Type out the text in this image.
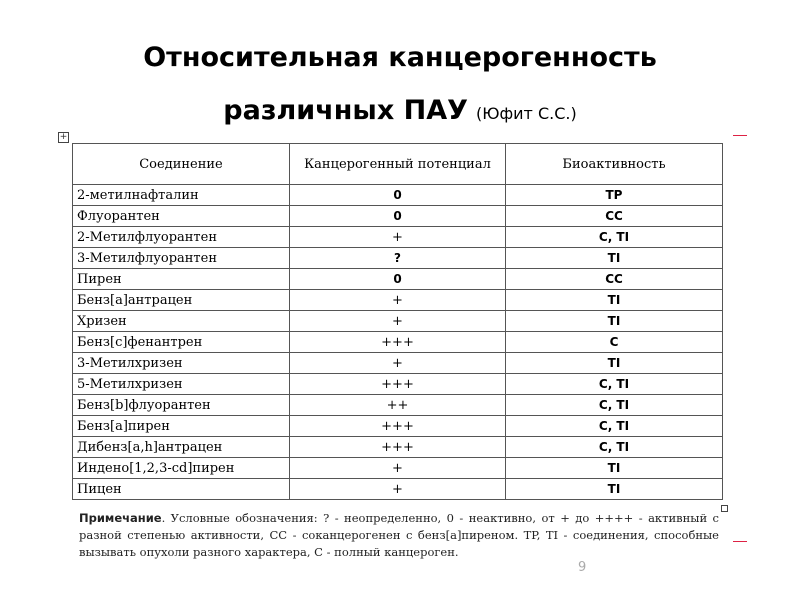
Относительная канцерогенность
различных ПАУ (Юфит С.С.)
+
Соединение	Канцерогенный потенциал	Биоактивность
2-метилнафталин	0	TP
Флуорантен	0	CC
2-Метилфлуорантен	+	C, TI
3-Метилфлуорантен	?	TI
Пирен	0	CC
Бенз[а]антрацен	+	TI
Хризен	+	TI
Бенз[c]фенантрен	+++	C
3-Метилхризен	+	TI
5-Метилхризен	+++	C, TI
Бенз[b]флуорантен	++	C, TI
Бенз[а]пирен	+++	C, TI
Дибенз[a,h]антрацен	+++	C, TI
Индено[1,2,3-cd]пирен	+	TI
Пицен	+	TI
Примечание. Условные обозначения: ? - неопределенно, 0 - неактивно, от + до ++++ - активный с разной степенью активности, СС - соканцерогенен с бенз[а]пиреном. TP, TI - соединения, способные вызывать опухоли разного характера, С - полный канцероген.
9
